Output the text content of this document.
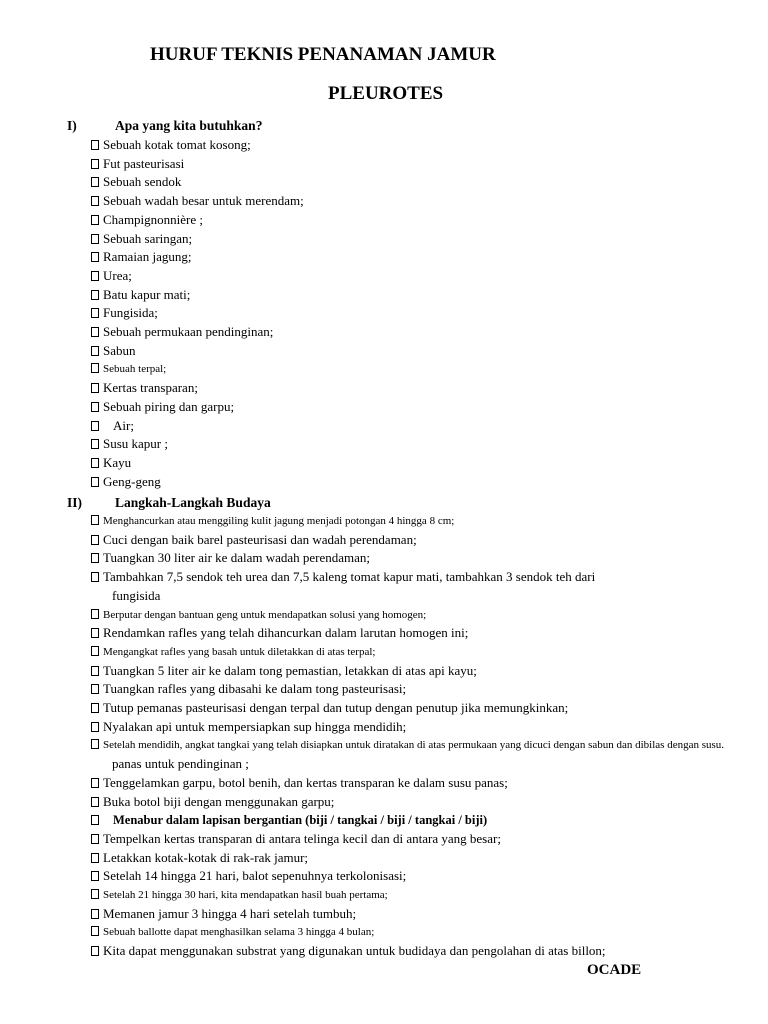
HURUF TEKNIS PENANAMAN JAMUR
PLEUROTES
I)	Apa yang kita butuhkan?
Sebuah kotak tomat kosong;
Fut pasteurisasi
Sebuah sendok
Sebuah wadah besar untuk merendam;
Champignonnière ;
Sebuah saringan;
Ramaian jagung;
Urea;
Batu kapur mati;
Fungisida;
Sebuah permukaan pendinginan;
Sabun
Sebuah terpal;
Kertas transparan;
Sebuah piring dan garpu;
Air;
Susu kapur ;
Kayu
Geng-geng
II) Langkah-Langkah Budaya
Menghancurkan atau menggiling kulit jagung menjadi potongan 4 hingga 8 cm;
Cuci dengan baik barel pasteurisasi dan wadah perendaman;
Tuangkan 30 liter air ke dalam wadah perendaman;
Tambahkan 7,5 sendok teh urea dan 7,5 kaleng tomat kapur mati, tambahkan 3 sendok teh dari
fungisida
Berputar dengan bantuan geng untuk mendapatkan solusi yang homogen;
Rendamkan rafles yang telah dihancurkan dalam larutan homogen ini;
Mengangkat rafles yang basah untuk diletakkan di atas terpal;
Tuangkan 5 liter air ke dalam tong pemastian, letakkan di atas api kayu;
Tuangkan rafles yang dibasahi ke dalam tong pasteurisasi;
Tutup pemanas pasteurisasi dengan terpal dan tutup dengan penutup jika memungkinkan;
Nyalakan api untuk mempersiapkan sup hingga mendidih;
Setelah mendidih, angkat tangkai yang telah disiapkan untuk diratakan di atas permukaan yang dicuci dengan sabun dan dibilas dengan susu.
panas untuk pendinginan ;
Tenggelamkan garpu, botol benih, dan kertas transparan ke dalam susu panas;
Buka botol biji dengan menggunakan garpu;
Menabur dalam lapisan bergantian (biji / tangkai / biji / tangkai / biji)
Tempelkan kertas transparan di antara telinga kecil dan di antara yang besar;
Letakkan kotak-kotak di rak-rak jamur;
Setelah 14 hingga 21 hari, balot sepenuhnya terkolonisasi;
Setelah 21 hingga 30 hari, kita mendapatkan hasil buah pertama;
Memanen jamur 3 hingga 4 hari setelah tumbuh;
Sebuah ballotte dapat menghasilkan selama 3 hingga 4 bulan;
Kita dapat menggunakan substrat yang digunakan untuk budidaya dan pengolahan di atas billon;
OCADE
